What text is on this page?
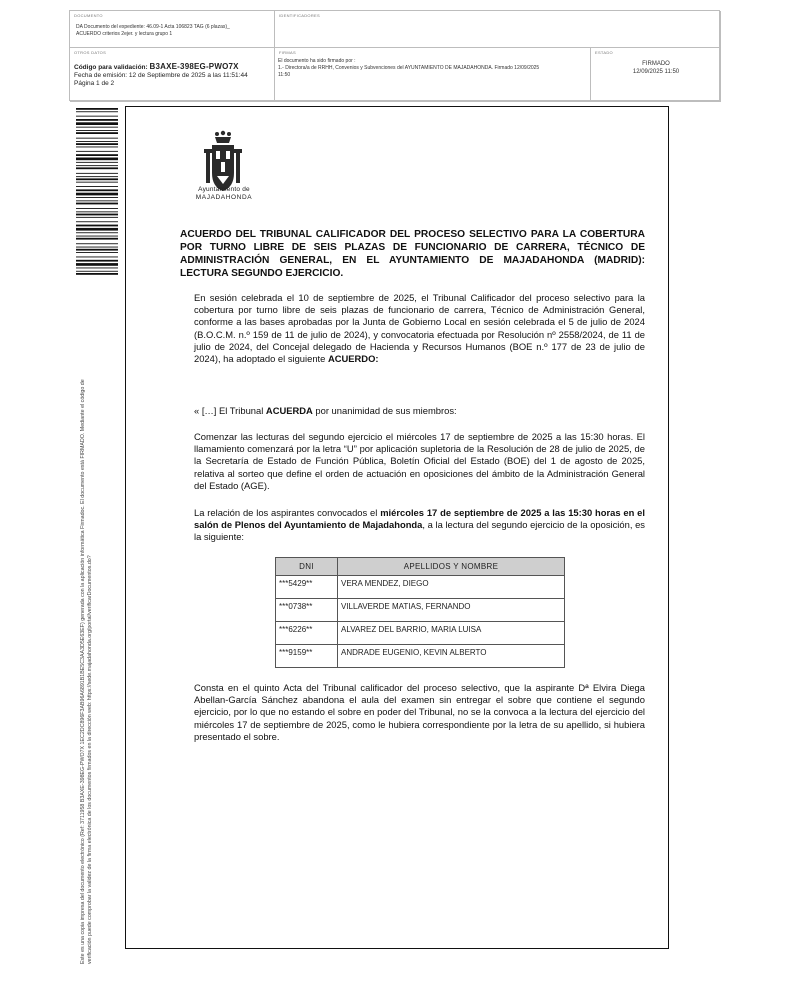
DOCUMENTO
DA Documento del expediente: 46.09-1 Acta 106823 TAG (6 plazas)_
ACUERDO criterios 2ejer. y lectura grupo 1
IDENTIFICADORES
OTROS DATOS
Código para validación: B3AXE-398EG-PWO7X
Fecha de emisión: 12 de Septiembre de 2025 a las 11:51:44
Página 1 de 2
FIRMAS
El documento ha sido firmado por :
1.- Directora/a de RRHH, Convenios y Subvenciones del AYUNTAMIENTO DE MAJADAHONDA. Firmado 12/09/2025
11:50
ESTADO
FIRMADO
12/09/2025 11:50
Este es una copia impresa del documento electrónico (Ref: 3711958 B3AXE-398EG-PWO7X 1EC2DC896F3AB96A6891B1BE5C3AA3D5E63EF) generada con la aplicación informática Firmadoc. El documento está FIRMADO. Mediante el código de verificación puede comprobar la validez de la firma electrónica de los documentos firmados en la dirección web: https://sede.majadahonda.org/portal/verificarDocumentos.do?
Ayuntamiento de
MAJADAHONDA
ACUERDO DEL TRIBUNAL CALIFICADOR DEL PROCESO SELECTIVO PARA LA COBERTURA POR TURNO LIBRE DE SEIS PLAZAS DE FUNCIONARIO DE CARRERA, TÉCNICO DE ADMINISTRACIÓN GENERAL, EN EL AYUNTAMIENTO DE MAJADAHONDA (MADRID): LECTURA SEGUNDO EJERCICIO.
En sesión celebrada el 10 de septiembre de 2025, el Tribunal Calificador del proceso selectivo para la cobertura por turno libre de seis plazas de funcionario de carrera, Técnico de Administración General, conforme a las bases aprobadas por la Junta de Gobierno Local en sesión celebrada el 5 de julio de 2024 (B.O.C.M. n.º 159 de 11 de julio de 2024), y convocatoria efectuada por Resolución nº 2558/2024, de 11 de julio de 2024, del Concejal delegado de Hacienda y Recursos Humanos (BOE n.º 177 de 23 de julio de 2024), ha adoptado el siguiente ACUERDO:
« […] El Tribunal ACUERDA por unanimidad de sus miembros:
Comenzar las lecturas del segundo ejercicio el miércoles 17 de septiembre de 2025 a las 15:30 horas. El llamamiento comenzará por la letra “U” por aplicación supletoria de la Resolución de 28 de julio de 2025, de la Secretaría de Estado de Función Pública, Boletín Oficial del Estado (BOE) del 1 de agosto de 2025, relativa al sorteo que define el orden de actuación en oposiciones del ámbito de la Administración General del Estado (AGE).
La relación de los aspirantes convocados el miércoles 17 de septiembre de 2025 a las 15:30 horas en el salón de Plenos del Ayuntamiento de Majadahonda, a la lectura del segundo ejercicio de la oposición, es la siguiente:
DNI	APELLIDOS Y NOMBRE
***5429**	VERA MENDEZ, DIEGO
***0738**	VILLAVERDE MATIAS, FERNANDO
***6226**	ALVAREZ DEL BARRIO, MARIA LUISA
***9159**	ANDRADE EUGENIO, KEVIN ALBERTO
Consta en el quinto Acta del Tribunal calificador del proceso selectivo, que la aspirante Dª Elvira Diega Abellan-García Sánchez abandona el aula del examen sin entregar el sobre que contiene el segundo ejercicio, por lo que no estando el sobre en poder del Tribunal, no se la convoca a la lectura del ejercicio del miércoles 17 de septiembre de 2025, como le hubiera correspondiente por la letra de su apellido, si hubiera presentado el sobre.
